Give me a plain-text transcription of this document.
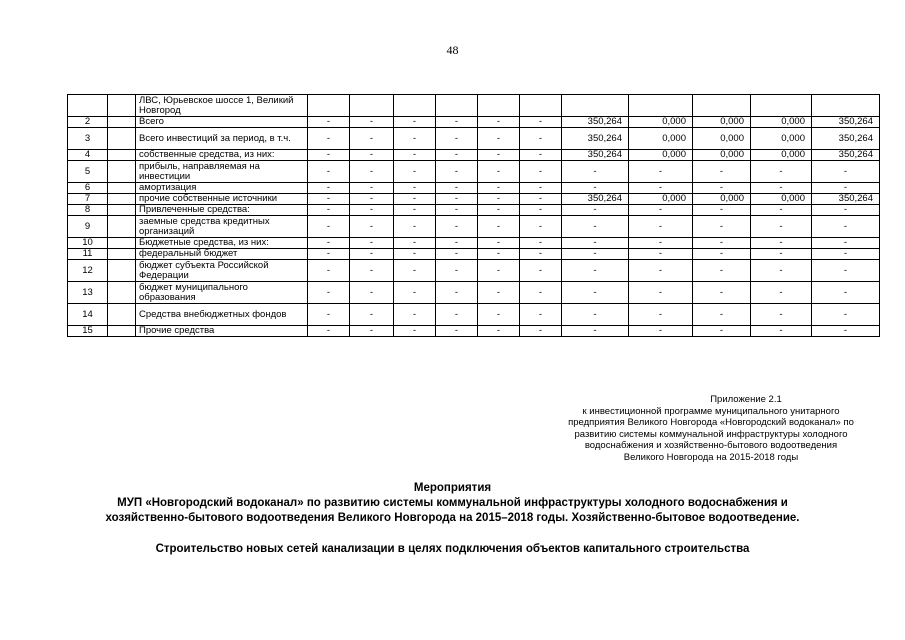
48
		ЛВС, Юрьевское шоссе 1, Великий Новгород											
2		Всего	-	-	-	-	-	-	350,264	0,000	0,000	0,000	350,264
3		Всего инвестиций за период, в т.ч.	-	-	-	-	-	-	350,264	0,000	0,000	0,000	350,264
4		собственные средства, из них:	-	-	-	-	-	-	350,264	0,000	0,000	0,000	350,264
5		прибыль, направляемая на инвестиции	-	-	-	-	-	-	-	-	-	-	-
6		амортизация	-	-	-	-	-	-	-	-	-	-	-
7		прочие собственные источники	-	-	-	-	-	-	350,264	0,000	0,000	0,000	350,264
8		Привлеченные средства:	-	-	-	-	-	-	-	-	-	-	-
9		заемные средства кредитных организаций	-	-	-	-	-	-	-	-	-	-	-
10		Бюджетные средства, из них:	-	-	-	-	-	-	-	-	-	-	-
11		федеральный бюджет	-	-	-	-	-	-	-	-	-	-	-
12		бюджет субъекта Российской Федерации	-	-	-	-	-	-	-	-	-	-	-
13		бюджет муниципального образования	-	-	-	-	-	-	-	-	-	-	-
14		Средства внебюджетных фондов	-	-	-	-	-	-	-	-	-	-	-
15		Прочие средства	-	-	-	-	-	-	-	-	-	-	-
Приложение 2.1
к инвестиционной программе муниципального унитарного
предприятия Великого Новгорода «Новгородский водоканал» по
развитию системы коммунальной инфраструктуры холодного
водоснабжения и хозяйственно-бытового водоотведения
Великого Новгорода на 2015-2018 годы
Мероприятия
МУП «Новгородский водоканал» по развитию системы коммунальной инфраструктуры холодного водоснабжения и
хозяйственно-бытового водоотведения Великого Новгорода на 2015–2018 годы. Хозяйственно-бытовое водоотведение.
Строительство новых сетей канализации в целях подключения объектов капитального строительства
